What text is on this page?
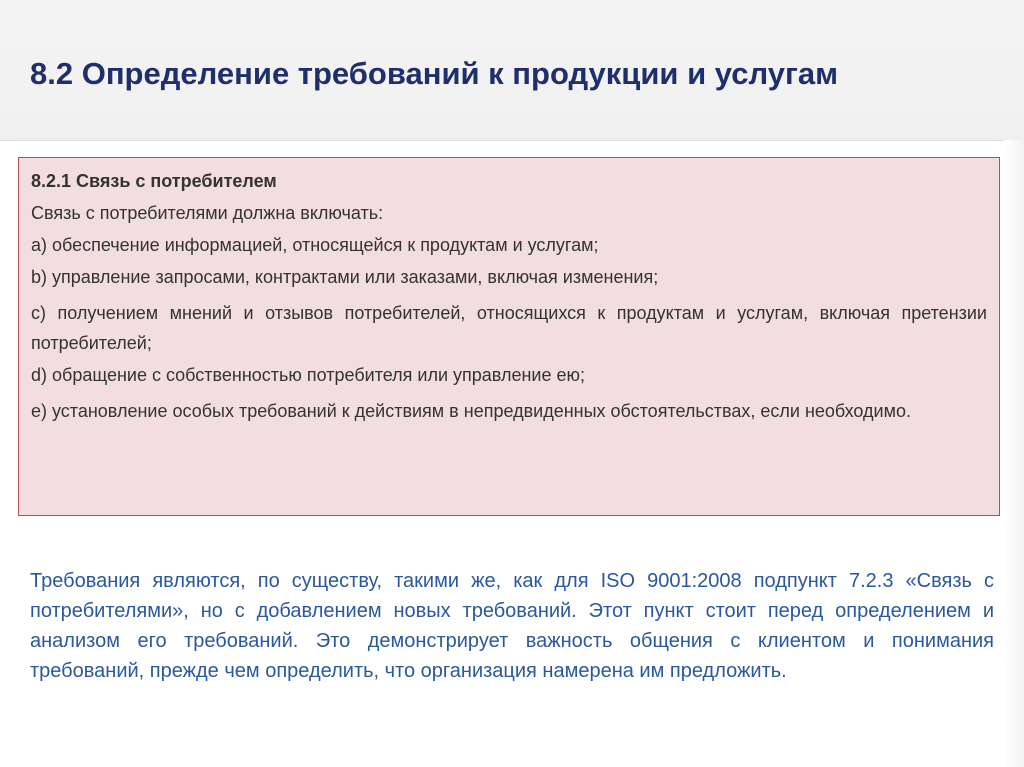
8.2 Определение требований к продукции и услугам
8.2.1 Связь с потребителем
Связь с потребителями должна включать:
a) обеспечение информацией, относящейся к продуктам и услугам;
b) управление запросами, контрактами или заказами, включая изменения;
c) получением мнений и отзывов потребителей, относящихся к продуктам и услугам, включая претензии потребителей;
d) обращение с собственностью потребителя или управление ею;
e) установление особых требований к действиям в непредвиденных обстоятельствах, если необходимо.

Требования являются, по существу, такими же, как для ISO 9001:2008 подпункт 7.2.3 «Связь с потребителями», но с добавлением новых требований. Этот пункт стоит перед определением и анализом его требований. Это демонстрирует важность общения с клиентом и понимания требований, прежде чем определить, что организация намерена им предложить.
